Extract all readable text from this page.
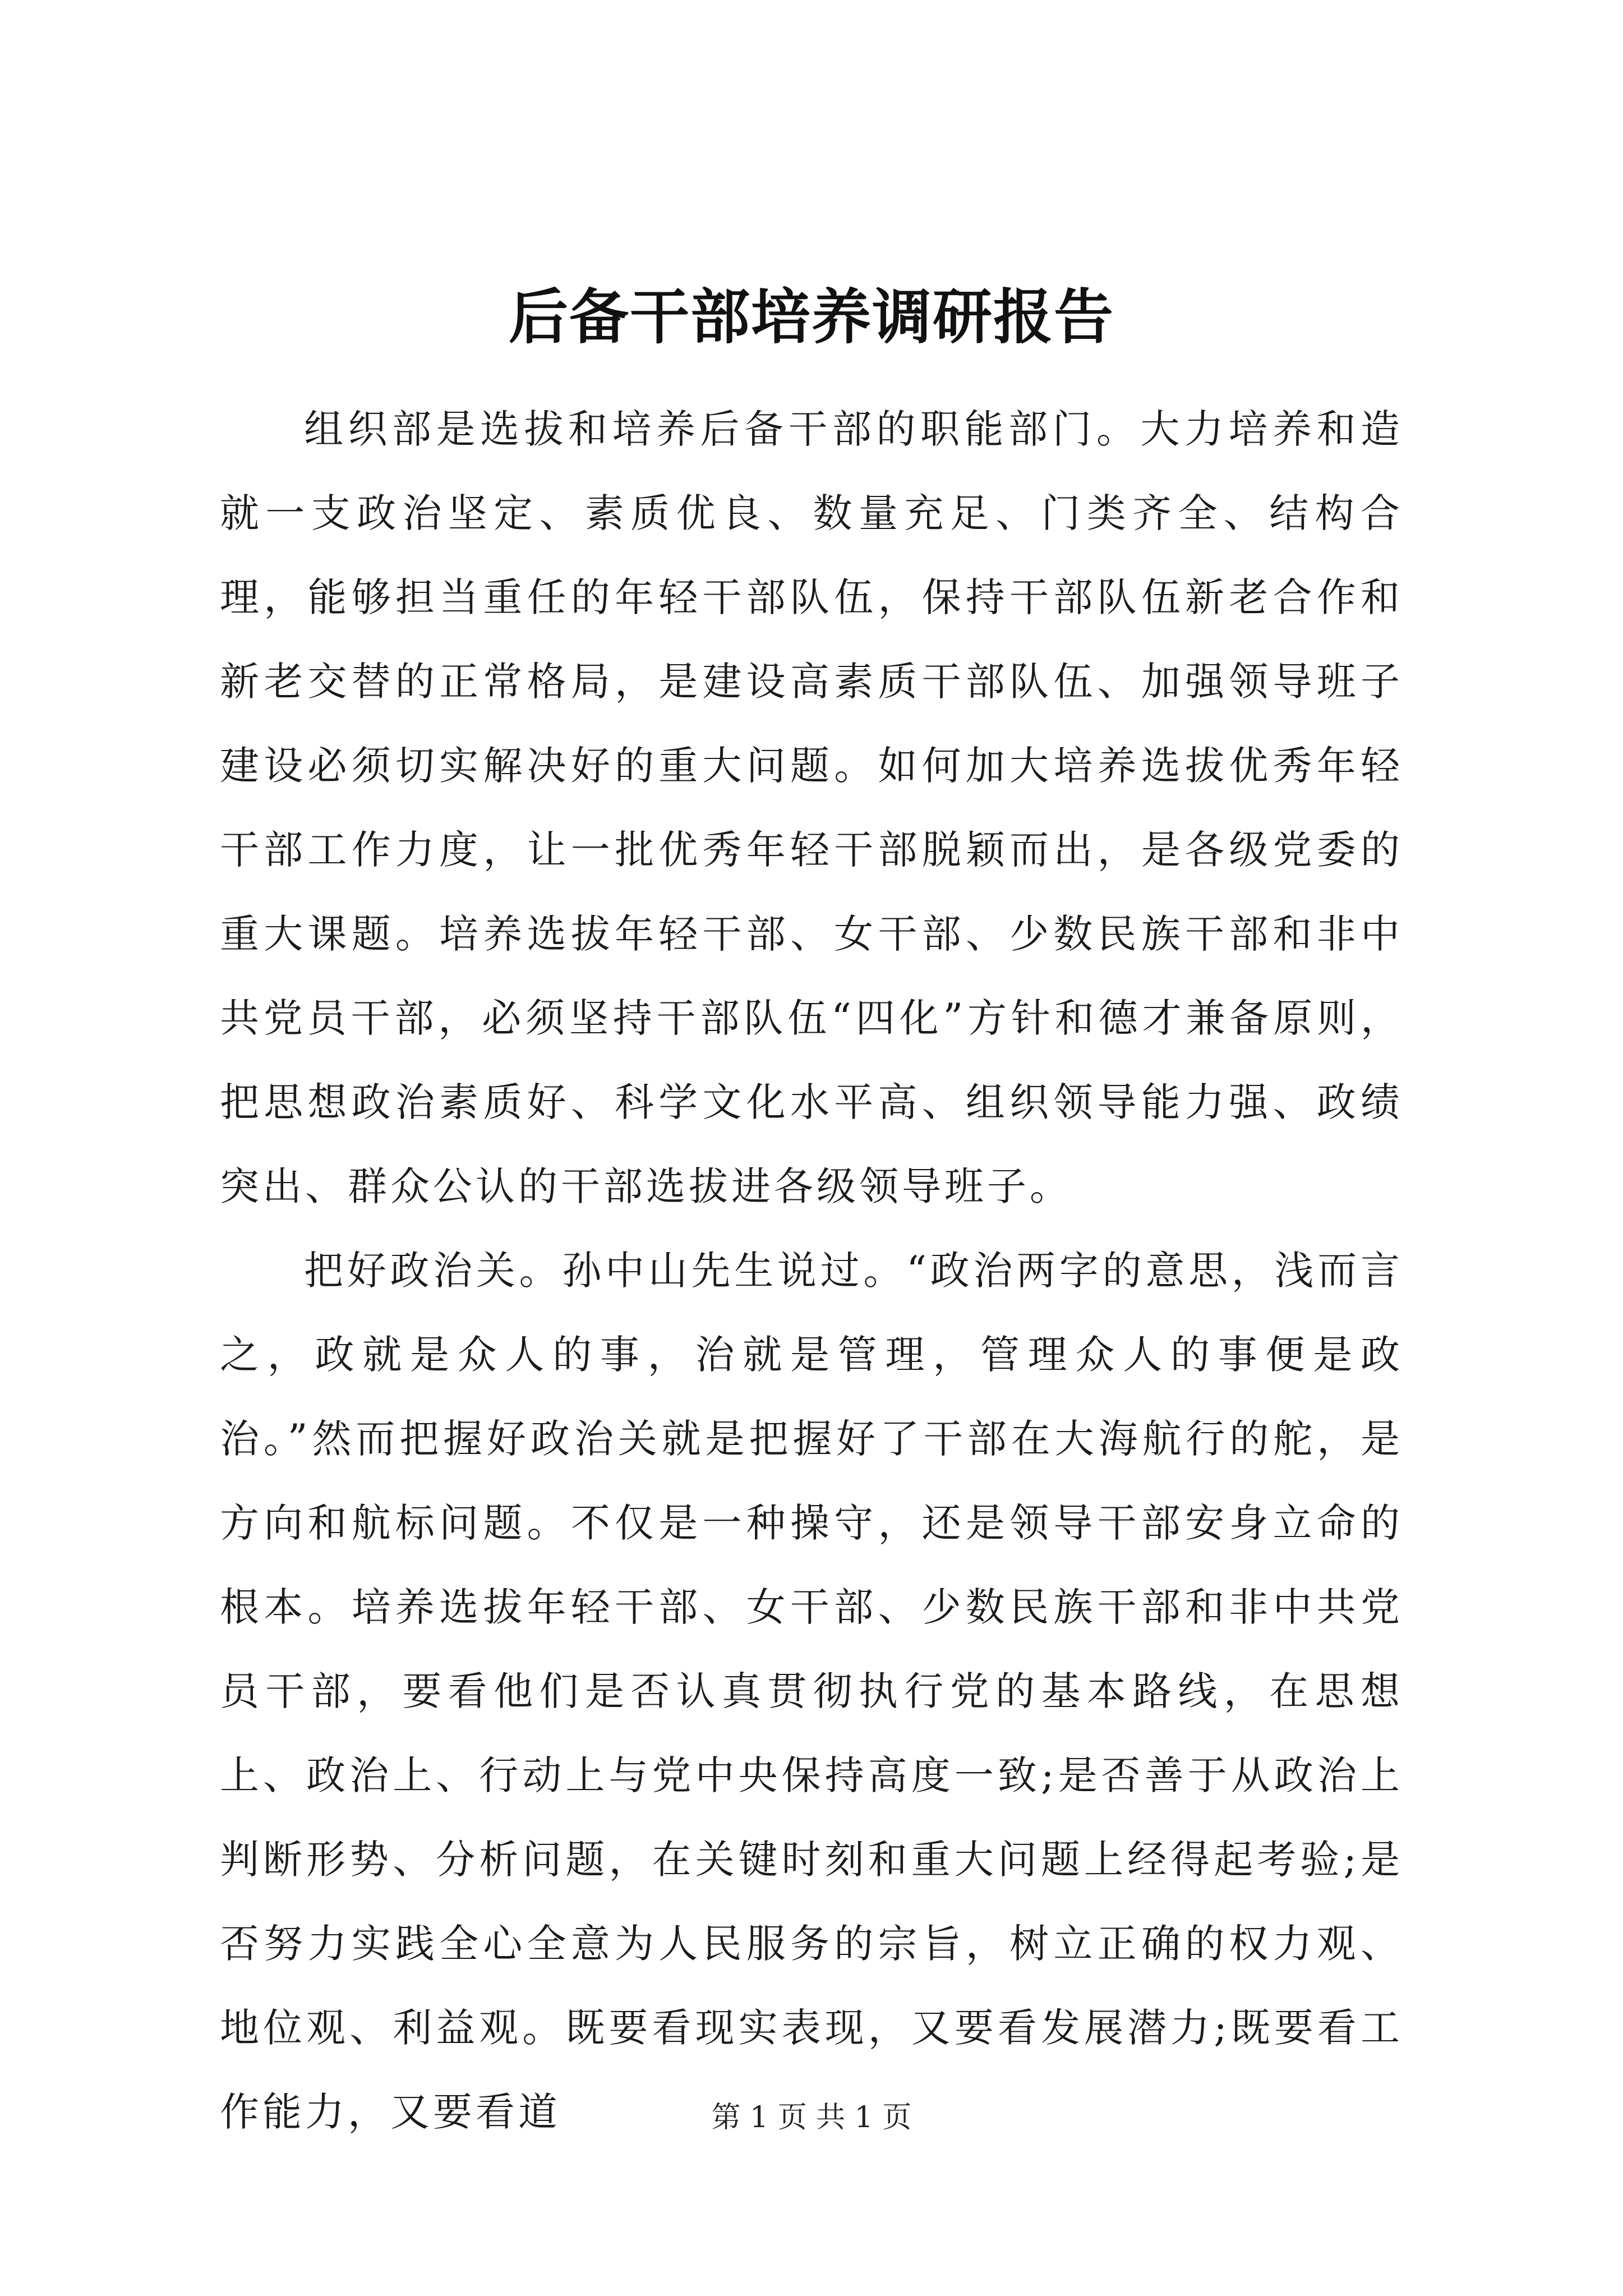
后备干部培养调研报告

组织部是选拔和培养后备干部的职能部门。大力培养和造就一支政治坚定、素质优良、数量充足、门类齐全、结构合理，能够担当重任的年轻干部队伍，保持干部队伍新老合作和新老交替的正常格局，是建设高素质干部队伍、加强领导班子建设必须切实解决好的重大问题。如何加大培养选拔优秀年轻干部工作力度，让一批优秀年轻干部脱颖而出，是各级党委的重大课题。培养选拔年轻干部、女干部、少数民族干部和非中共党员干部，必须坚持干部队伍“四化”方针和德才兼备原则，把思想政治素质好、科学文化水平高、组织领导能力强、政绩突出、群众公认的干部选拔进各级领导班子。

把好政治关。孙中山先生说过。“政治两字的意思，浅而言之，政就是众人的事，治就是管理，管理众人的事便是政治。”然而把握好政治关就是把握好了干部在大海航行的舵，是方向和航标问题。不仅是一种操守，还是领导干部安身立命的根本。培养选拔年轻干部、女干部、少数民族干部和非中共党员干部，要看他们是否认真贯彻执行党的基本路线，在思想上、政治上、行动上与党中央保持高度一致;是否善于从政治上判断形势、分析问题，在关键时刻和重大问题上经得起考验;是否努力实践全心全意为人民服务的宗旨，树立正确的权力观、地位观、利益观。既要看现实表现，又要看发展潜力;既要看工作能力，又要看道	第 1 页 共 1 页
